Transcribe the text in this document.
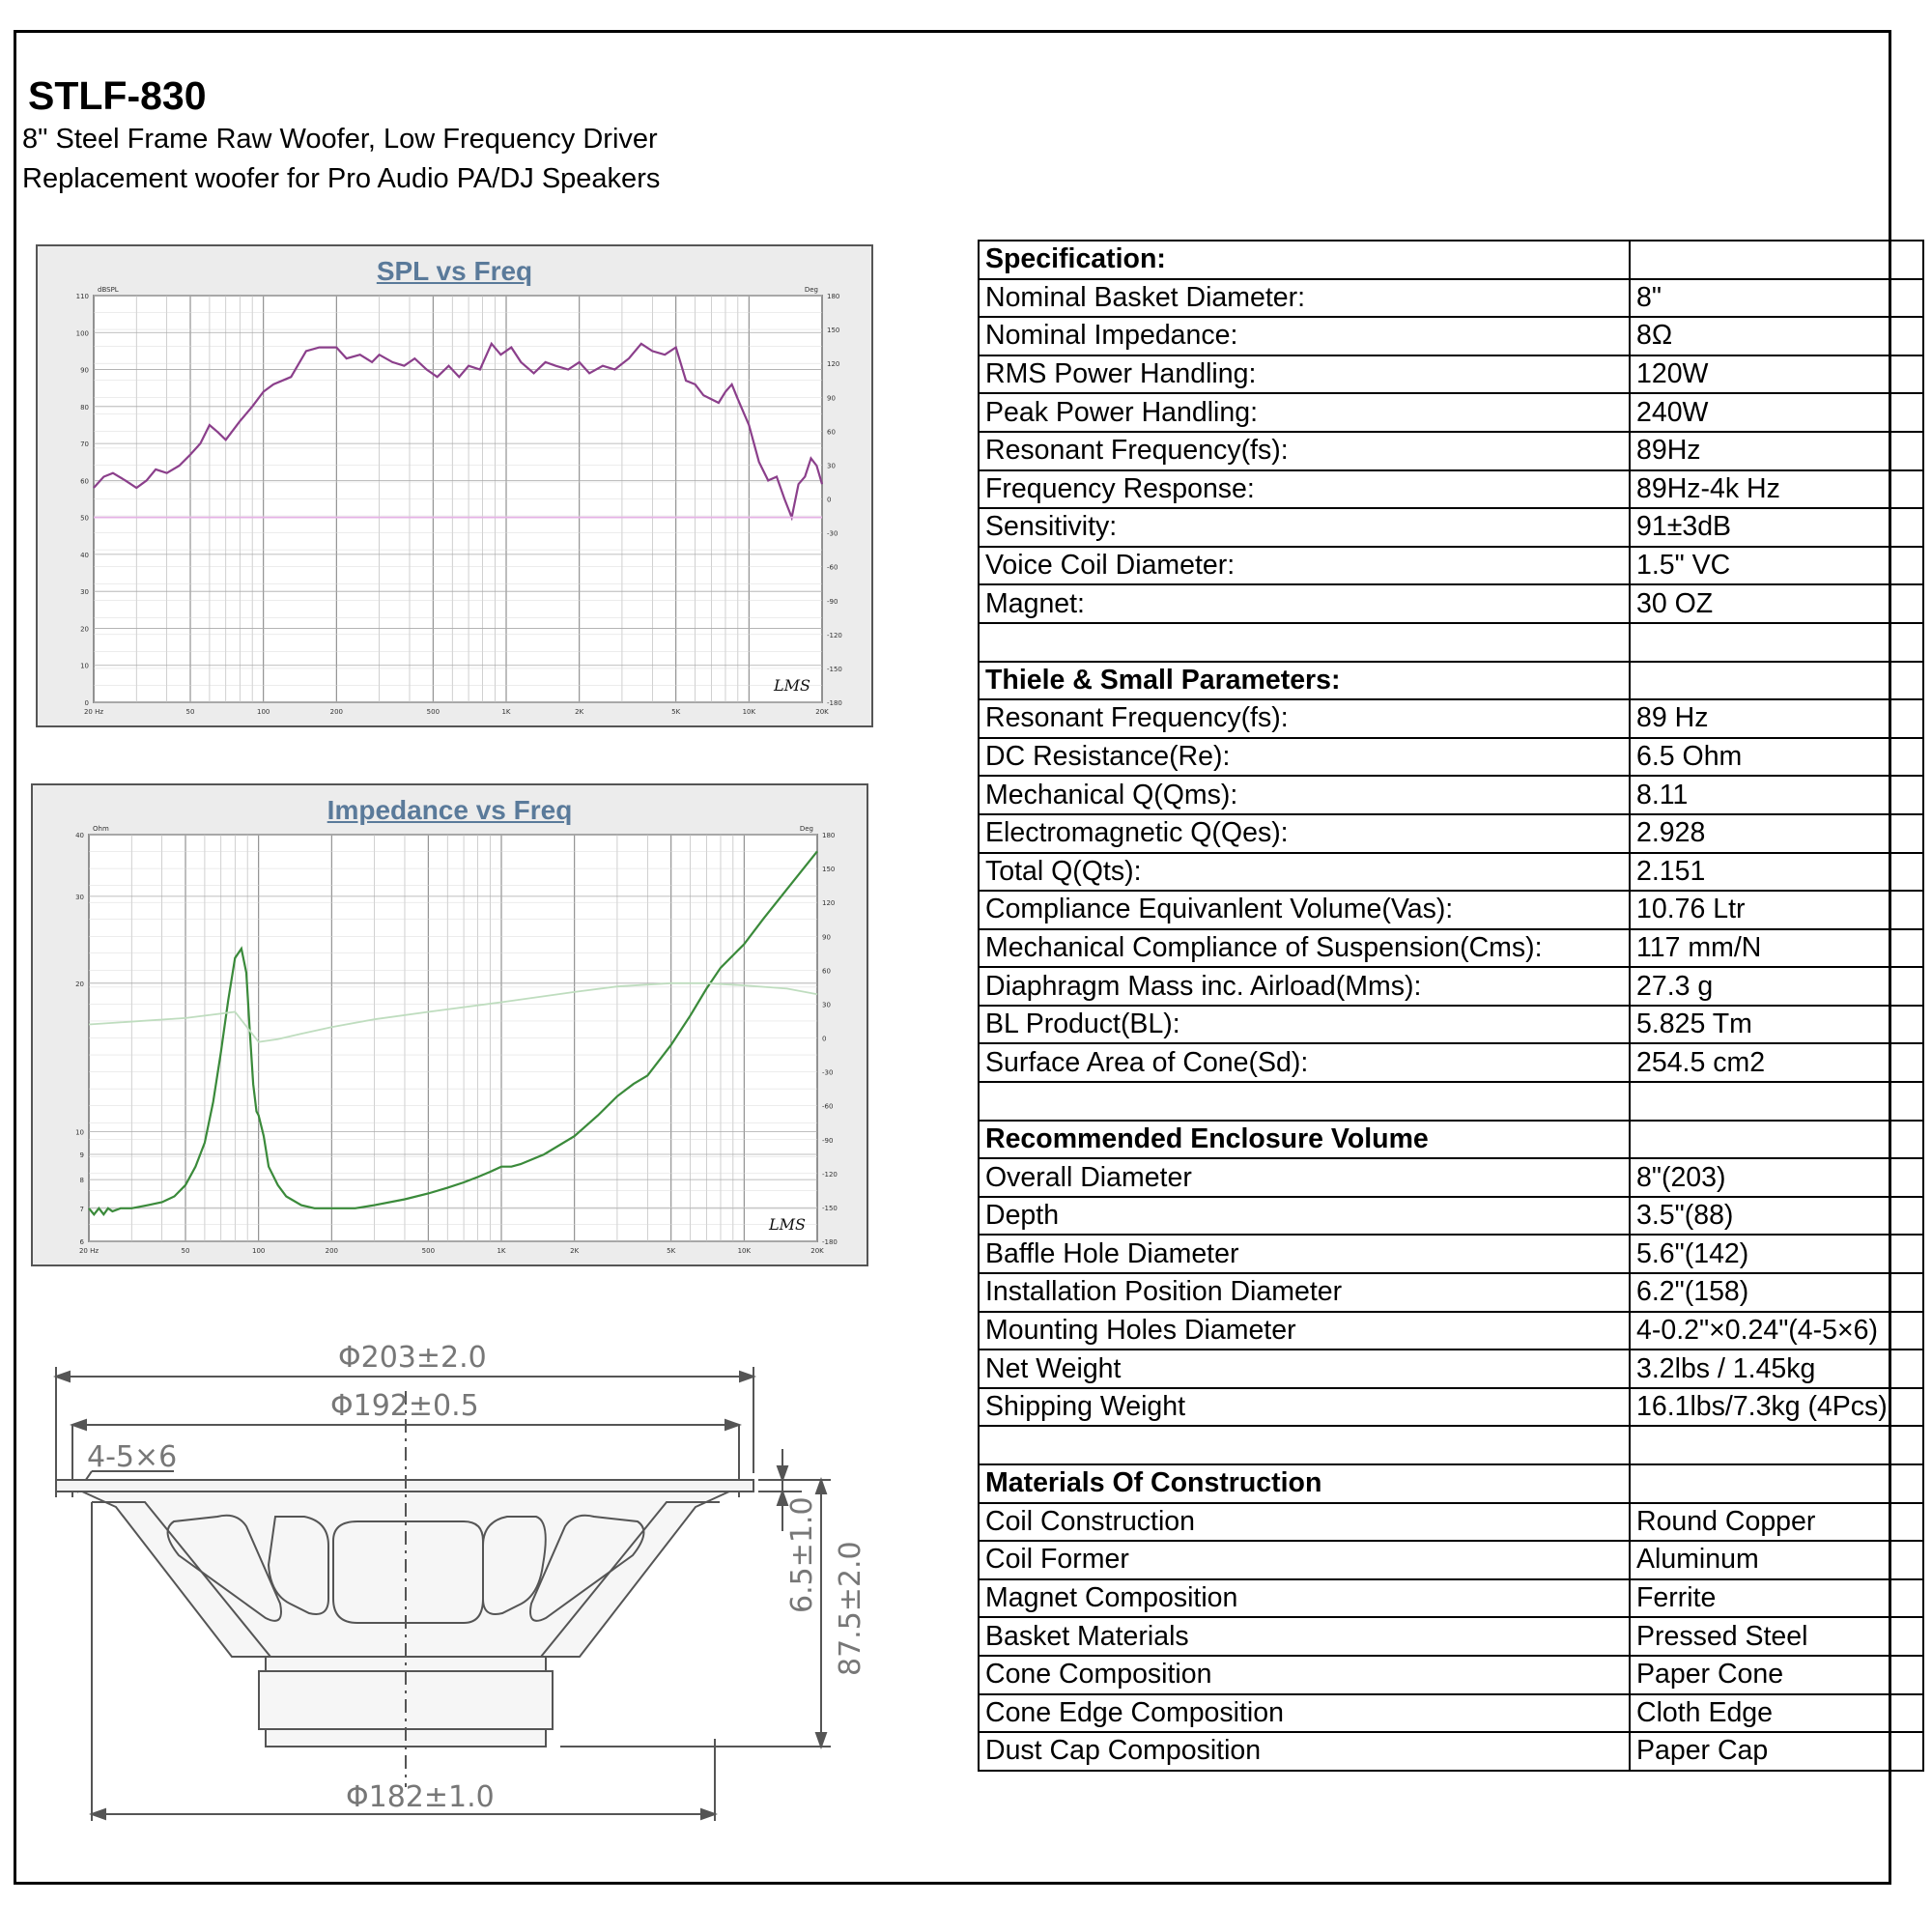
STLF-830
8" Steel Frame Raw Woofer, Low Frequency Driver
Replacement woofer for Pro Audio PA/DJ Speakers
SPL vs Freq
20 Hz	50	100	200	500	1K	2K	5K	10K	20K
110
100
90
80
70
60
50
40
30
20
10
0
180
150
120
90
60
30
0
-30
-60
-90
-120
-150
-180
dBSPL	Deg
LMS
Impedance vs Freq
20 Hz	50	100	200	500	1K	2K	5K	10K	20K
40
30
20
10
9
8
7
6
180
150
120
90
60
30
0
-30
-60
-90
-120
-150
-180
Ohm	Deg
LMS
Φ203±2.0
Φ192±0.5
4-5×6
6.5±1.0 87.5±2.0
Φ182±1.0
Specification:	
Nominal Basket Diameter:	8"
Nominal Impedance:	8Ω
RMS Power Handling:	120W
Peak Power Handling:	240W
Resonant Frequency(fs):	89Hz
Frequency Response:	89Hz-4k Hz
Sensitivity:	91±3dB
Voice Coil Diameter:	1.5" VC
Magnet:	30 OZ

Thiele & Small Parameters:	
Resonant Frequency(fs):	89 Hz
DC Resistance(Re):	6.5 Ohm
Mechanical Q(Qms):	8.11
Electromagnetic Q(Qes):	2.928
Total Q(Qts):	2.151
Compliance Equivanlent Volume(Vas):	10.76 Ltr
Mechanical Compliance of Suspension(Cms):	117 mm/N
Diaphragm Mass inc. Airload(Mms):	27.3 g
BL Product(BL):	5.825 Tm
Surface Area of Cone(Sd):	254.5 cm2

Recommended Enclosure Volume	
Overall Diameter	8"(203)
Depth	3.5"(88)
Baffle Hole Diameter	5.6"(142)
Installation Position Diameter	6.2"(158)
Mounting Holes Diameter	4-0.2"×0.24"(4-5×6)
Net Weight	3.2lbs / 1.45kg
Shipping Weight	16.1lbs/7.3kg (4Pcs)

Materials Of Construction	
Coil Construction	Round Copper
Coil Former	Aluminum
Magnet Composition	Ferrite
Basket Materials	Pressed Steel
Cone Composition	Paper Cone
Cone Edge Composition	Cloth Edge
Dust Cap Composition	Paper Cap
